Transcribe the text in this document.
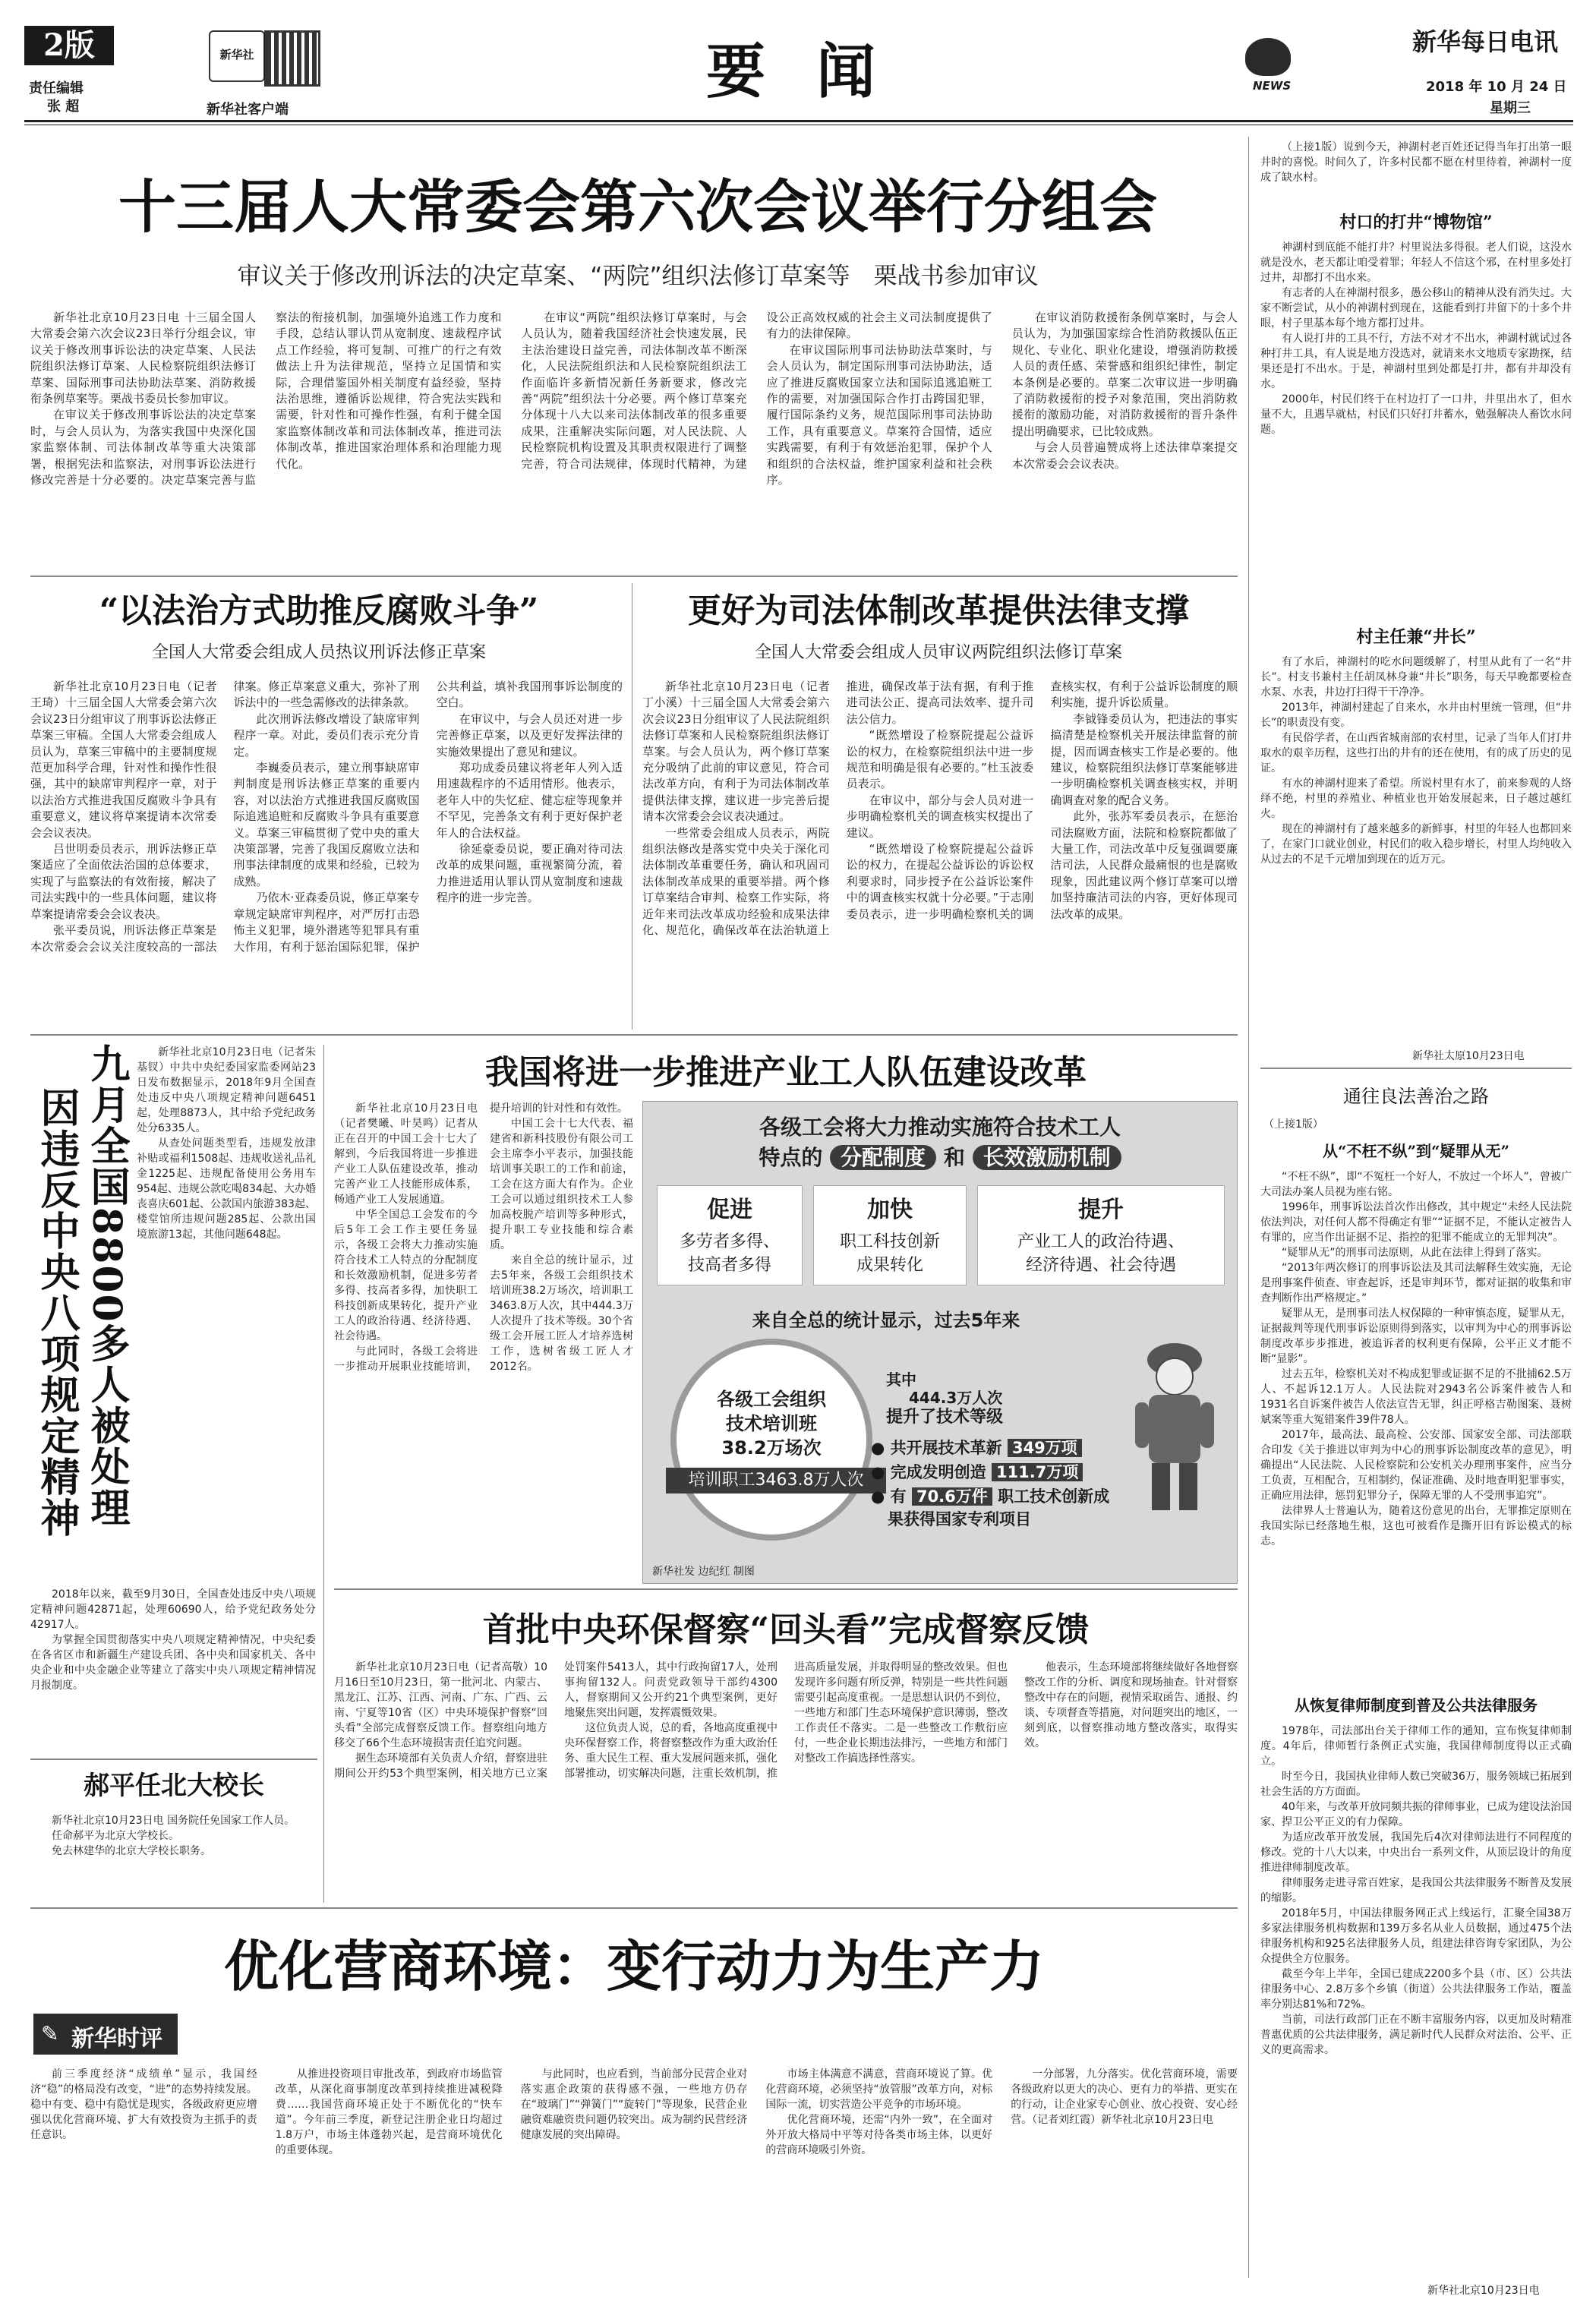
2版
责任编辑
张 超
新华社
新华社客户端
要 闻	NEWS
新华每日电讯
2018 年 10 月 24 日
星期三
十三届人大常委会第六次会议举行分组会
审议关于修改刑诉法的决定草案、“两院”组织法修订草案等　栗战书参加审议

新华社北京10月23日电 十三届全国人大常委会第六次会议23日举行分组会议，审议关于修改刑事诉讼法的决定草案、人民法院组织法修订草案、人民检察院组织法修订草案、国际刑事司法协助法草案、消防救援衔条例草案等。栗战书委员长参加审议。

在审议关于修改刑事诉讼法的决定草案时，与会人员认为，为落实我国中央深化国家监察体制、司法体制改革等重大决策部署，根据宪法和监察法，对刑事诉讼法进行修改完善是十分必要的。决定草案完善与监察法的衔接机制，加强境外追逃工作力度和手段，总结认罪认罚从宽制度、速裁程序试点工作经验，将可复制、可推广的行之有效做法上升为法律规范，坚持立足国情和实际，合理借鉴国外相关制度有益经验，坚持法治思维，遵循诉讼规律，符合宪法实践和需要，针对性和可操作性强，有利于健全国家监察体制改革和司法体制改革，推进司法体制改革，推进国家治理体系和治理能力现代化。

在审议“两院”组织法修订草案时，与会人员认为，随着我国经济社会快速发展，民主法治建设日益完善，司法体制改革不断深化，人民法院组织法和人民检察院组织法工作面临许多新情况新任务新要求，修改完善“两院”组织法十分必要。两个修订草案充分体现十八大以来司法体制改革的很多重要成果，注重解决实际问题，对人民法院、人民检察院机构设置及其职责权限进行了调整完善，符合司法规律，体现时代精神，为建设公正高效权威的社会主义司法制度提供了有力的法律保障。

在审议国际刑事司法协助法草案时，与会人员认为，制定国际刑事司法协助法，适应了推进反腐败国家立法和国际追逃追赃工作的需要，对加强国际合作打击跨国犯罪，履行国际条约义务，规范国际刑事司法协助工作，具有重要意义。草案符合国情，适应实践需要，有利于有效惩治犯罪，保护个人和组织的合法权益，维护国家利益和社会秩序。

在审议消防救援衔条例草案时，与会人员认为，为加强国家综合性消防救援队伍正规化、专业化、职业化建设，增强消防救援人员的责任感、荣誉感和组织纪律性，制定本条例是必要的。草案二次审议进一步明确了消防救援衔的授予对象范围，突出消防救援衔的激励功能，对消防救援衔的晋升条件提出明确要求，已比较成熟。

与会人员普遍赞成将上述法律草案提交本次常委会会议表决。

“以法治方式助推反腐败斗争”
全国人大常委会组成人员热议刑诉法修正草案

新华社北京10月23日电（记者王琦）十三届全国人大常委会第六次会议23日分组审议了刑事诉讼法修正草案三审稿。全国人大常委会组成人员认为，草案三审稿中的主要制度规范更加科学合理，针对性和操作性很强，其中的缺席审判程序一章，对于以法治方式推进我国反腐败斗争具有重要意义，建议将草案提请本次常委会会议表决。

吕世明委员表示，刑诉法修正草案适应了全面依法治国的总体要求，实现了与监察法的有效衔接，解决了司法实践中的一些具体问题，建议将草案提请常委会会议表决。

张平委员说，刑诉法修正草案是本次常委会会议关注度较高的一部法律案。修正草案意义重大，弥补了刑诉法中的一些急需修改的法律条款。

此次刑诉法修改增设了缺席审判程序一章。对此，委员们表示充分肯定。

李巍委员表示，建立刑事缺席审判制度是刑诉法修正草案的重要内容，对以法治方式推进我国反腐败国际追逃追赃和反腐败斗争具有重要意义。草案三审稿贯彻了党中央的重大决策部署，完善了我国反腐败立法和刑事法律制度的成果和经验，已较为成熟。

乃依木·亚森委员说，修正草案专章规定缺席审判程序，对严厉打击恐怖主义犯罪，境外潜逃等犯罪具有重大作用，有利于惩治国际犯罪，保护公共利益，填补我国刑事诉讼制度的空白。

在审议中，与会人员还对进一步完善修正草案，以及更好发挥法律的实施效果提出了意见和建议。

郑功成委员建议将老年人列入适用速裁程序的不适用情形。他表示，老年人中的失忆症、健忘症等现象并不罕见，完善条文有利于更好保护老年人的合法权益。

徐延豪委员说，要正确对待司法改革的成果问题，重视繁简分流，着力推进适用认罪认罚从宽制度和速裁程序的进一步完善。

更好为司法体制改革提供法律支撑
全国人大常委会组成人员审议两院组织法修订草案

新华社北京10月23日电（记者丁小溪）十三届全国人大常委会第六次会议23日分组审议了人民法院组织法修订草案和人民检察院组织法修订草案。与会人员认为，两个修订草案充分吸纳了此前的审议意见，符合司法改革方向，有利于为司法体制改革提供法律支撑，建议进一步完善后提请本次常委会会议表决通过。

一些常委会组成人员表示，两院组织法修改是落实党中央关于深化司法体制改革重要任务，确认和巩固司法体制改革成果的重要举措。两个修订草案结合审判、检察工作实际，将近年来司法改革成功经验和成果法律化、规范化，确保改革在法治轨道上推进，确保改革于法有据，有利于推进司法公正、提高司法效率、提升司法公信力。

“既然增设了检察院提起公益诉讼的权力，在检察院组织法中进一步规范和明确是很有必要的。”杜玉波委员表示。

在审议中，部分与会人员对进一步明确检察机关的调查核实权提出了建议。

“既然增设了检察院提起公益诉讼的权力，在提起公益诉讼的诉讼权利要求时，同步授予在公益诉讼案件中的调查核实权就十分必要。”于志刚委员表示，进一步明确检察机关的调查核实权，有利于公益诉讼制度的顺利实施，提升诉讼质量。

李钺锋委员认为，把违法的事实搞清楚是检察机关开展法律监督的前提，因而调查核实工作是必要的。他建议，检察院组织法修订草案能够进一步明确检察机关调查核实权，并明确调查对象的配合义务。

此外，张苏军委员表示，在惩治司法腐败方面，法院和检察院都做了大量工作，司法改革中反复强调要廉洁司法，人民群众最痛恨的也是腐败现象，因此建议两个修订草案可以增加坚持廉洁司法的内容，更好体现司法改革的成果。

因违反中央八项规定精神 九月全国8800多人被处理	新华社北京10月23日电（记者朱基钗）中共中央纪委国家监委网站23日发布数据显示，2018年9月全国查处违反中央八项规定精神问题6451起，处理8873人，其中给予党纪政务处分6335人。

从查处问题类型看，违规发放津补贴或福利1508起、违规收送礼品礼金1225起、违规配备使用公务用车954起、违规公款吃喝834起、大办婚丧喜庆601起、公款国内旅游383起、楼堂馆所违规问题285起、公款出国境旅游13起，其他问题648起。

2018年以来，截至9月30日，全国查处违反中央八项规定精神问题42871起，处理60690人，给予党纪政务处分42917人。

为掌握全国贯彻落实中央八项规定精神情况，中央纪委在各省区市和新疆生产建设兵团、各中央和国家机关、各中央企业和中央金融企业等建立了落实中央八项规定精神情况月报制度。

郝平任北大校长

新华社北京10月23日电 国务院任免国家工作人员。

任命郝平为北京大学校长。

免去林建华的北京大学校长职务。

我国将进一步推进产业工人队伍建设改革

新华社北京10月23日电（记者樊曦、叶昊鸣）记者从正在召开的中国工会十七大了解到，今后我国将进一步推进产业工人队伍建设改革，推动完善产业工人技能形成体系，畅通产业工人发展通道。

中华全国总工会发布的今后5年工会工作主要任务显示，各级工会将大力推动实施符合技术工人特点的分配制度和长效激励机制，促进多劳者多得、技高者多得，加快职工科技创新成果转化，提升产业工人的政治待遇、经济待遇、社会待遇。

与此同时，各级工会将进一步推动开展职业技能培训，提升培训的针对性和有效性。

中国工会十七大代表、福建省和新科技股份有限公司工会主席李小平表示，加强技能培训事关职工的工作和前途，工会在这方面大有作为。企业工会可以通过组织技术工人参加高校脱产培训等多种形式，提升职工专业技能和综合素质。

来自全总的统计显示，过去5年来，各级工会组织技术培训班38.2万场次，培训职工3463.8万人次，其中444.3万人次提升了技术等级。30个省级工会开展工匠人才培养选树工作，选树省级工匠人才2012名。

各级工会将大力推动实施符合技术工人
特点的 分配制度 和 长效激励机制
促进
多劳者多得、
技高者多得
加快
职工科技创新
成果转化
提升
产业工人的政治待遇、
经济待遇、社会待遇
来自全总的统计显示，过去5年来
各级工会组织
技术培训班
38.2万场次
培训职工3463.8万人次
其中
444.3万人次
提升了技术等级
● 共开展技术革新 349万项
● 完成发明创造 111.7万项
● 有 70.6万件 职工技术创新成
果获得国家专利项目
新华社发 边纪红 制图
首批中央环保督察“回头看”完成督察反馈

新华社北京10月23日电（记者高敬）10月16日至10月23日，第一批河北、内蒙古、黑龙江、江苏、江西、河南、广东、广西、云南、宁夏等10省（区）中央环境保护督察“回头看”全部完成督察反馈工作。督察组向地方移交了66个生态环境损害责任追究问题。

据生态环境部有关负责人介绍，督察进驻期间公开约53个典型案例，相关地方已立案处罚案件5413人，其中行政拘留17人，处刑事拘留132人。问责党政领导干部约4300人，督察期间又公开约21个典型案例，更好地聚焦突出问题，发挥震慑效果。

这位负责人说，总的看，各地高度重视中央环保督察工作，将督察整改作为重大政治任务、重大民生工程、重大发展问题来抓，强化部署推动，切实解决问题，注重长效机制，推进高质量发展，并取得明显的整改效果。但也发现许多问题有所反弹，特别是一些共性问题需要引起高度重视。一是思想认识仍不到位，一些地方和部门生态环境保护意识薄弱，整改工作责任不落实。二是一些整改工作敷衍应付，一些企业长期违法排污，一些地方和部门对整改工作搞选择性落实。

他表示，生态环境部将继续做好各地督察整改工作的分析、调度和现场抽查。针对督察整改中存在的问题，视情采取函告、通报、约谈、专项督查等措施，对问题突出的地区，一刻到底，以督察推动地方整改落实，取得实效。

优化营商环境：变行动力为生产力
✎ 新华时评

前三季度经济“成绩单”显示，我国经济“稳”的格局没有改变，“进”的态势持续发展。稳中有变、稳中有隐忧是现实，各级政府更应增强以优化营商环境、扩大有效投资为主抓手的责任意识。

从推进投资项目审批改革，到政府市场监管改革，从深化商事制度改革到持续推进减税降费……我国营商环境正处于不断优化的“快车道”。今年前三季度，新登记注册企业日均超过1.8万户，市场主体蓬勃兴起，是营商环境优化的重要体现。

与此同时，也应看到，当前部分民营企业对落实惠企政策的获得感不强，一些地方仍存在“玻璃门”“弹簧门”“旋转门”等现象，民营企业融资难融资贵问题仍较突出。成为制约民营经济健康发展的突出障碍。

市场主体满意不满意，营商环境说了算。优化营商环境，必须坚持“放管服”改革方向，对标国际一流，切实营造公平竞争的市场环境。

优化营商环境，还需“内外一致”，在全面对外开放大格局中平等对待各类市场主体，以更好的营商环境吸引外资。

一分部署，九分落实。优化营商环境，需要各级政府以更大的决心、更有力的举措、更实在的行动，让企业家专心创业、放心投资、安心经营。（记者刘红霞）新华社北京10月23日电

（上接1版）说到今天，神湖村老百姓还记得当年打出第一眼井时的喜悦。时间久了，许多村民都不愿在村里待着，神湖村一度成了缺水村。

村口的打井“博物馆”

神湖村到底能不能打井？村里说法多得很。老人们说，这没水就是没水，老天都让咱受着罪；年轻人不信这个邪，在村里多处打过井，却都打不出水来。

有志者的人在神湖村很多，愚公移山的精神从没有消失过。大家不断尝试，从小的神湖村到现在，这能看到打井留下的十多个井眼，村子里基本每个地方都打过井。

有人说打井的工具不行，方法不对才不出水，神湖村就试过各种打井工具，有人说是地方没选对，就请来水文地质专家勘探，结果还是打不出水。于是，神湖村里到处都是打井，都有井却没有水。

2000年，村民们终于在村边打了一口井，井里出水了，但水量不大，且遇旱就枯，村民们只好打井蓄水，勉强解决人畜饮水问题。

村主任兼“井长”

有了水后，神湖村的吃水问题缓解了，村里从此有了一名“井长”。村支书兼村主任胡凤林身兼“井长”职务，每天早晚都要检查水泵、水表，井边打扫得干干净净。

2013年，神湖村建起了自来水，水井由村里统一管理，但“井长”的职责没有变。

有民俗学者，在山西省城南部的农村里，记录了当年人们打井取水的艰辛历程，这些打出的井有的还在使用，有的成了历史的见证。

有水的神湖村迎来了希望。所说村里有水了，前来参观的人络绎不绝，村里的养殖业、种植业也开始发展起来，日子越过越红火。

现在的神湖村有了越来越多的新鲜事，村里的年轻人也都回来了，在家门口就业创业，村民们的收入稳步增长，村里人均纯收入从过去的不足千元增加到现在的近万元。

新华社太原10月23日电
通往良法善治之路
（上接1版）
从“不枉不纵”到“疑罪从无”

“不枉不纵”，即“不冤枉一个好人，不放过一个坏人”，曾被广大司法办案人员视为座右铭。

1996年，刑事诉讼法首次作出修改，其中规定“未经人民法院依法判决，对任何人都不得确定有罪”“证据不足，不能认定被告人有罪的，应当作出证据不足、指控的犯罪不能成立的无罪判决”。

“疑罪从无”的刑事司法原则，从此在法律上得到了落实。

“2013年两次修订的刑事诉讼法及其司法解释生效实施，无论是刑事案件侦查、审查起诉，还是审判环节，都对证据的收集和审查判断作出严格规定。”

疑罪从无，是刑事司法人权保障的一种审慎态度，疑罪从无，证据裁判等现代刑事诉讼原则得到落实，以审判为中心的刑事诉讼制度改革步步推进，被追诉者的权利更有保障，公平正义才能不断“显影”。

过去五年，检察机关对不构成犯罪或证据不足的不批捕62.5万人、不起诉12.1万人。人民法院对2943名公诉案件被告人和1931名自诉案件被告人依法宣告无罪，纠正呼格吉勒图案、聂树斌案等重大冤错案件39件78人。

2017年，最高法、最高检、公安部、国家安全部、司法部联合印发《关于推进以审判为中心的刑事诉讼制度改革的意见》，明确提出“人民法院、人民检察院和公安机关办理刑事案件，应当分工负责，互相配合，互相制约，保证准确、及时地查明犯罪事实，正确应用法律，惩罚犯罪分子，保障无罪的人不受刑事追究”。

法律界人士普遍认为，随着这份意见的出台，无罪推定原则在我国实际已经落地生根，这也可被看作是撕开旧有诉讼模式的标志。

从恢复律师制度到普及公共法律服务

1978年，司法部出台关于律师工作的通知，宣布恢复律师制度。4年后，律师暂行条例正式实施，我国律师制度得以正式确立。

时至今日，我国执业律师人数已突破36万，服务领域已拓展到社会生活的方方面面。

40年来，与改革开放同频共振的律师事业，已成为建设法治国家、捍卫公平正义的有力保障。

为适应改革开放发展，我国先后4次对律师法进行不同程度的修改。党的十八大以来，中央出台一系列文件，从顶层设计的角度推进律师制度改革。

律师服务走进寻常百姓家，是我国公共法律服务不断普及发展的缩影。

2018年5月，中国法律服务网正式上线运行，汇聚全国38万多家法律服务机构数据和139万多名从业人员数据，通过475个法律服务机构和925名法律服务人员，组建法律咨询专家团队，为公众提供全方位服务。

截至今年上半年，全国已建成2200多个县（市、区）公共法律服务中心、2.8万多个乡镇（街道）公共法律服务工作站，覆盖率分别达81%和72%。

当前，司法行政部门正在不断丰富服务内容，以更加及时精准普惠优质的公共法律服务，满足新时代人民群众对法治、公平、正义的更高需求。

新华社北京10月23日电
